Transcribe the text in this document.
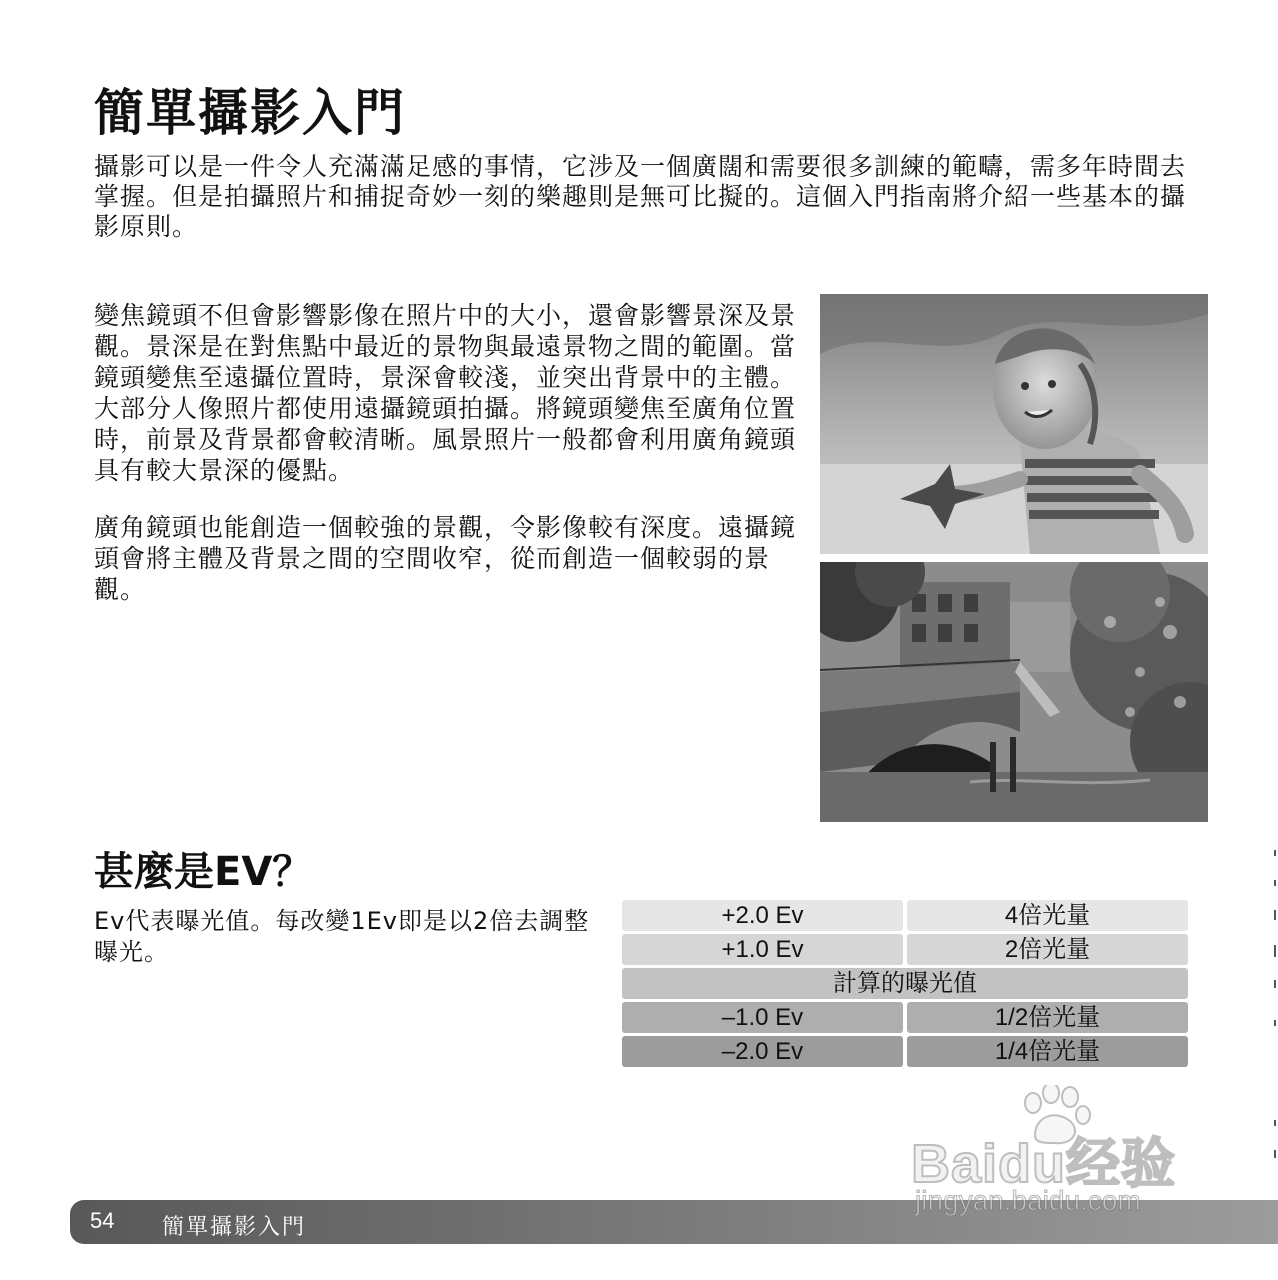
簡單攝影入門

攝影可以是一件令人充滿滿足感的事情，它涉及一個廣闊和需要很多訓練的範疇，需多年時間去掌握。但是拍攝照片和捕捉奇妙一刻的樂趣則是無可比擬的。這個入門指南將介紹一些基本的攝影原則。

變焦鏡頭不但會影響影像在照片中的大小，還會影響景深及景觀。景深是在對焦點中最近的景物與最遠景物之間的範圍。當鏡頭變焦至遠攝位置時，景深會較淺，並突出背景中的主體。大部分人像照片都使用遠攝鏡頭拍攝。將鏡頭變焦至廣角位置時，前景及背景都會較清晰。風景照片一般都會利用廣角鏡頭具有較大景深的優點。

廣角鏡頭也能創造一個較強的景觀，令影像較有深度。遠攝鏡頭會將主體及背景之間的空間收窄，從而創造一個較弱的景觀。

甚麼是EV？

Ev代表曝光值。每改變1Ev即是以2倍去調整曝光。

+2.0 Ev	4倍光量
+1.0 Ev	2倍光量
計算的曝光值
–1.0 Ev	1/2倍光量
–2.0 Ev	1/4倍光量
54 簡單攝影入門
Baidu经验
jingyan.baidu.com
